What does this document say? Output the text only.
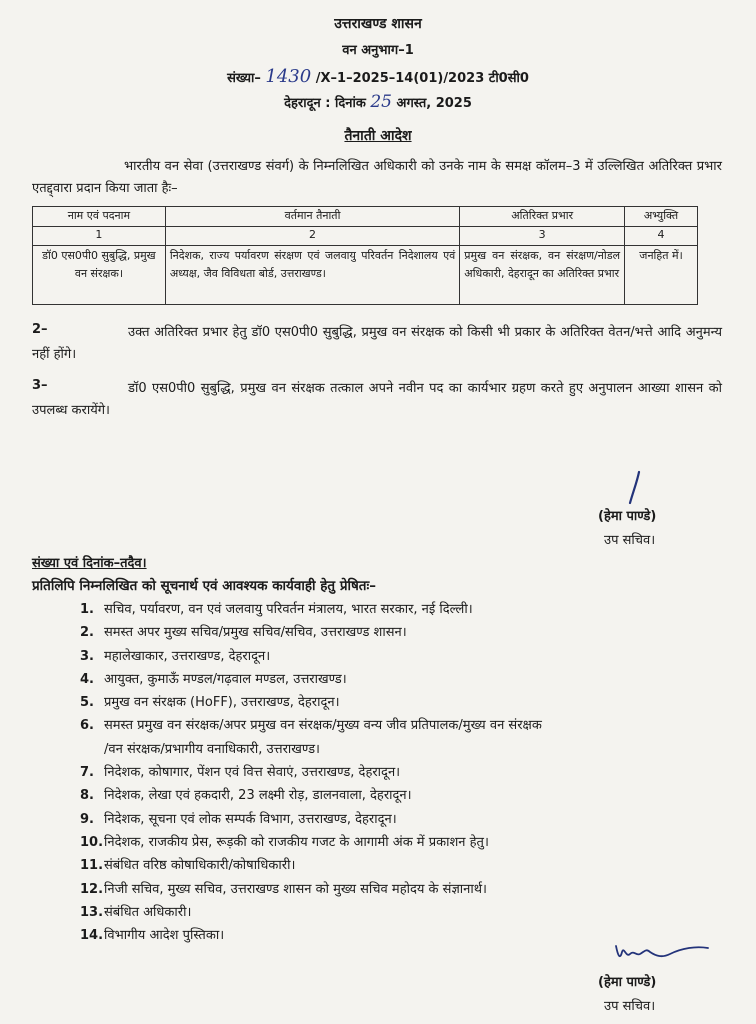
उत्तराखण्ड शासन
वन अनुभाग–1
संख्या– 1430 /X–1–2025–14(01)/2023 टी0सी0
देहरादून : दिनांक 25 अगस्त, 2025
तैनाती आदेश
भारतीय वन सेवा (उत्तराखण्ड संवर्ग) के निम्नलिखित अधिकारी को उनके नाम के समक्ष कॉलम–3 में उल्लिखित अतिरिक्त प्रभार एतद्द्वारा प्रदान किया जाता हैः–
नाम एवं पदनाम	वर्तमान तैनाती	अतिरिक्त प्रभार	अभ्युक्ति
1	2	3	4
डॉ0 एस0पी0 सुबुद्धि, प्रमुख वन संरक्षक।	निदेशक, राज्य पर्यावरण संरक्षण एवं जलवायु परिवर्तन निदेशालय एवं अध्यक्ष, जैव विविधता बोर्ड, उत्तराखण्ड।	प्रमुख वन संरक्षक, वन संरक्षण/नोडल अधिकारी, देहरादून का अतिरिक्त प्रभार	जनहित में।
2–	उक्त अतिरिक्त प्रभार हेतु डॉ0 एस0पी0 सुबुद्धि, प्रमुख वन संरक्षक को किसी भी प्रकार के अतिरिक्त वेतन/भत्ते आदि अनुमन्य नहीं होंगे।
3–	डॉ0 एस0पी0 सुबुद्धि, प्रमुख वन संरक्षक तत्काल अपने नवीन पद का कार्यभार ग्रहण करते हुए अनुपालन आख्या शासन को उपलब्ध करायेंगे।
(हेमा पाण्डे)
उप सचिव।
संख्या एवं दिनांक–तदैव।
प्रतिलिपि निम्नलिखित को सूचनार्थ एवं आवश्यक कार्यवाही हेतु प्रेषितः–
1. सचिव, पर्यावरण, वन एवं जलवायु परिवर्तन मंत्रालय, भारत सरकार, नई दिल्ली।
2. समस्त अपर मुख्य सचिव/प्रमुख सचिव/सचिव, उत्तराखण्ड शासन।
3. महालेखाकार, उत्तराखण्ड, देहरादून।
4. आयुक्त, कुमाऊँ मण्डल/गढ़वाल मण्डल, उत्तराखण्ड।
5. प्रमुख वन संरक्षक (HoFF), उत्तराखण्ड, देहरादून।
6. समस्त प्रमुख वन संरक्षक/अपर प्रमुख वन संरक्षक/मुख्य वन्य जीव प्रतिपालक/मुख्य वन संरक्षक
/वन संरक्षक/प्रभागीय वनाधिकारी, उत्तराखण्ड।
7. निदेशक, कोषागार, पेंशन एवं वित्त सेवाएं, उत्तराखण्ड, देहरादून।
8. निदेशक, लेखा एवं हकदारी, 23 लक्ष्मी रोड़, डालनवाला, देहरादून।
9. निदेशक, सूचना एवं लोक सम्पर्क विभाग, उत्तराखण्ड, देहरादून।
10.निदेशक, राजकीय प्रेस, रूड़की को राजकीय गजट के आगामी अंक में प्रकाशन हेतु।
11.संबंधित वरिष्ठ कोषाधिकारी/कोषाधिकारी।
12.निजी सचिव, मुख्य सचिव, उत्तराखण्ड शासन को मुख्य सचिव महोदय के संज्ञानार्थ।
13.संबंधित अधिकारी।
14.विभागीय आदेश पुस्तिका।
(हेमा पाण्डे)
उप सचिव।
